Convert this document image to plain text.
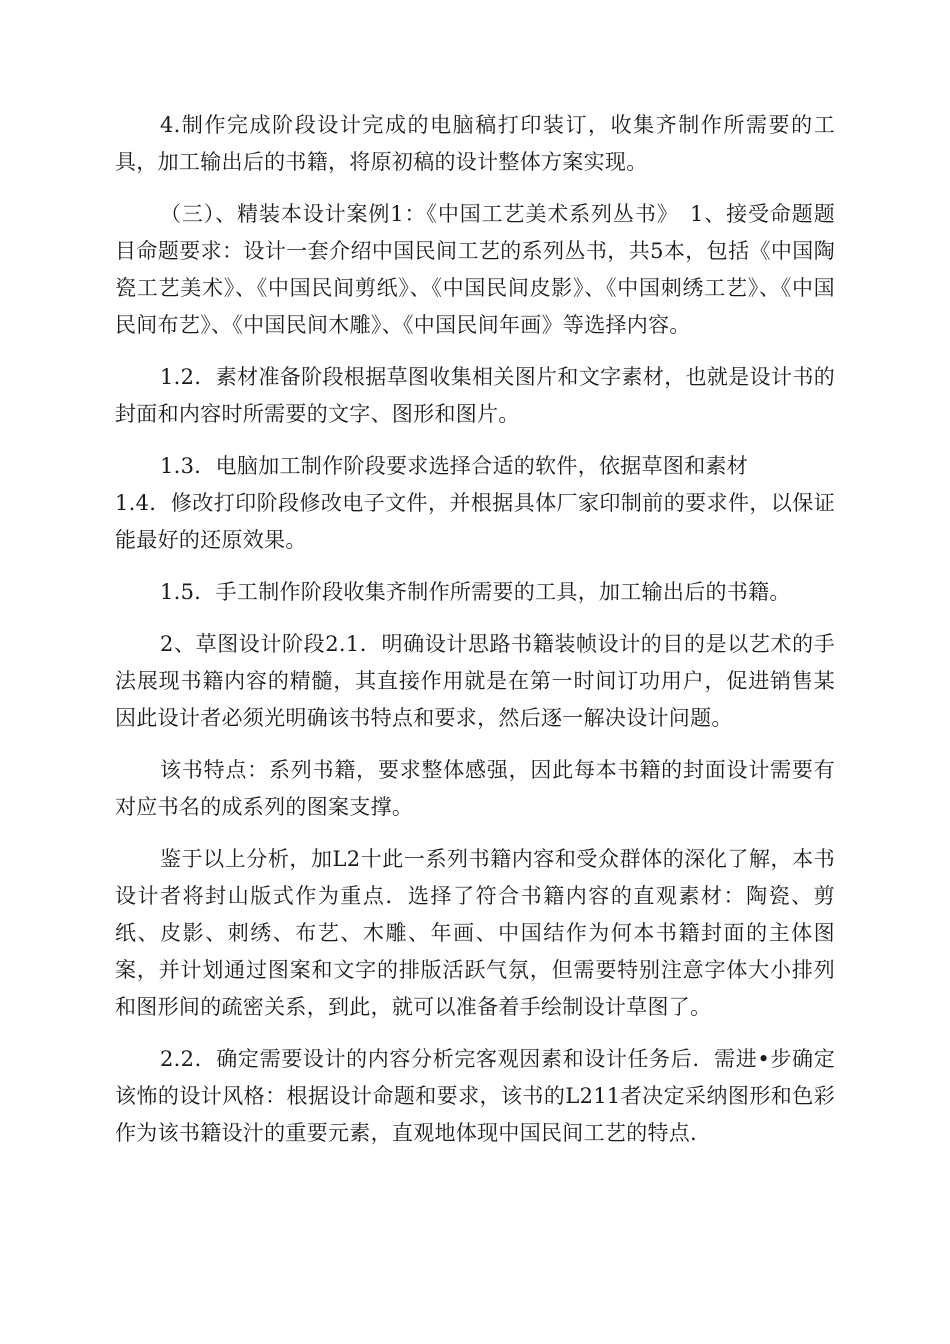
4.制作完成阶段设计完成的电脑稿打印装订，收集齐制作所需要的工具，加工输出后的书籍，将原初稿的设计整体方案实现。

（三）、精装本设计案例1：《中国工艺美术系列丛书》　1、接受命题题目命题要求：设计一套介绍中国民间工艺的系列丛书，共5本，包括《中国陶瓷工艺美术》、《中国民间剪纸》、《中国民间皮影》、《中国刺绣工艺》、《中国民间布艺》、《中国民间木雕》、《中国民间年画》等选择内容。

1.2．素材准备阶段根据草图收集相关图片和文字素材，也就是设计书的封面和内容时所需要的文字、图形和图片。

1.3．电脑加工制作阶段要求选择合适的软件，依据草图和素材

1.4．修改打印阶段修改电子文件，并根据具体厂家印制前的要求件，以保证能最好的还原效果。

1.5．手工制作阶段收集齐制作所需要的工具，加工输出后的书籍。

2、草图设计阶段2.1．明确设计思路书籍装帧设计的目的是以艺术的手法展现书籍内容的精髓，其直接作用就是在第一时间订功用户，促进销售某因此设计者必须光明确该书特点和要求，然后逐一解决设计问题。

该书特点：系列书籍，要求整体感强，因此每本书籍的封面设计需要有对应书名的成系列的图案支撑。

鉴于以上分析，加L2十此一系列书籍内容和受众群体的深化了解，本书设计者将封山版式作为重点．选择了符合书籍内容的直观素材：陶瓷、剪纸、皮影、刺绣、布艺、木雕、年画、中国结作为何本书籍封面的主体图案，并计划通过图案和文字的排版活跃气氛，但需要特别注意字体大小排列和图形间的疏密关系，到此，就可以准备着手绘制设计草图了。

2.2．确定需要设计的内容分析完客观因素和设计任务后．需进•步确定该怖的设计风格：根据设计命题和要求，该书的L211者决定采纳图形和色彩作为该书籍设汁的重要元素，直观地体现中国民间工艺的特点．
